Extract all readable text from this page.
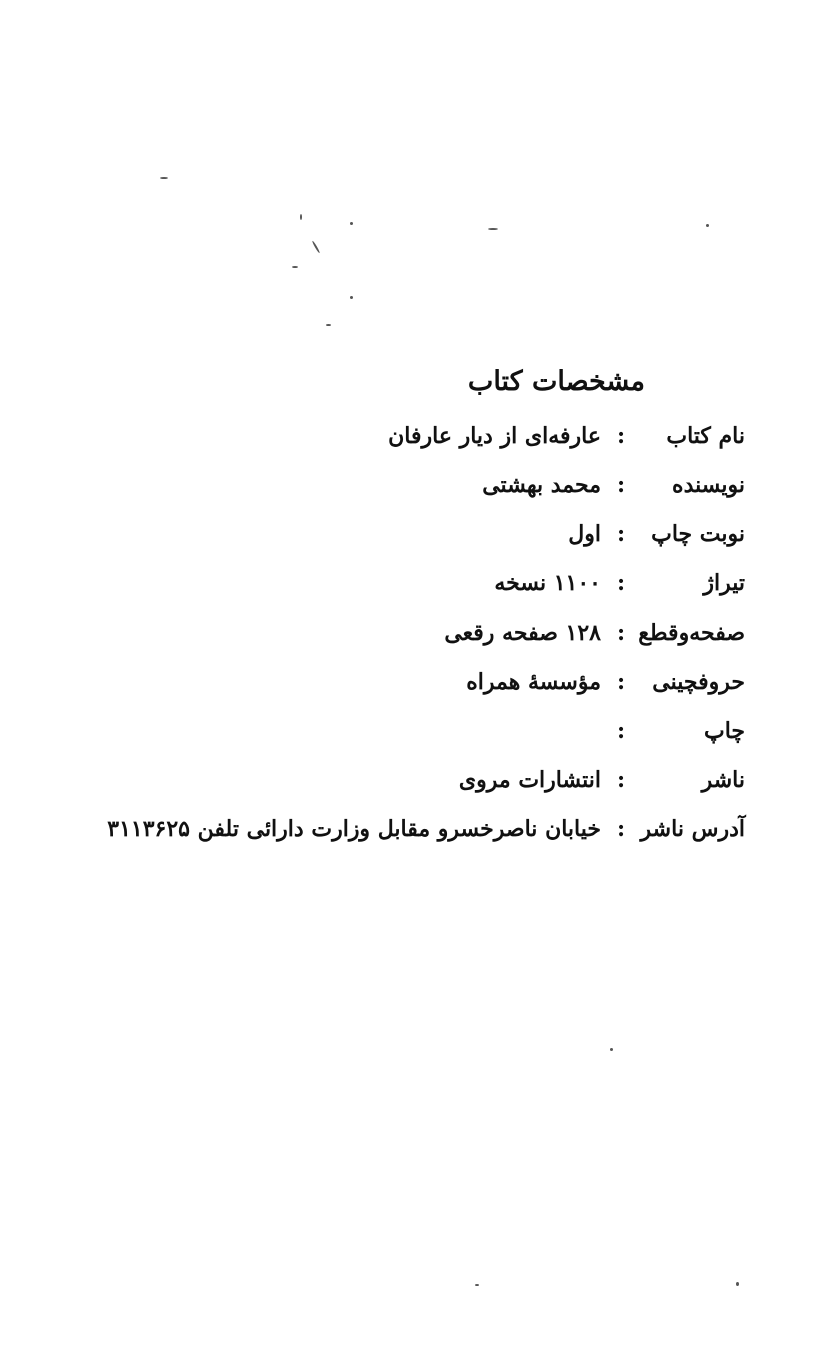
مشخصات کتاب
نام کتاب
:
عارفه‌ای از دیار عارفان
نویسنده
:
محمد بهشتی
نوبت چاپ
:
اول
تیراژ
:
۱۱۰۰ نسخه
صفحه‌وقطع
:
۱۲۸ صفحه رقعی
حروفچینی
:
مؤسسهٔ همراه
چاپ
:
ناشر
:
انتشارات مروی
آدرس ناشر
:
خیابان ناصرخسرو مقابل وزارت دارائی تلفن ۳۱۱۳۶۲۵
